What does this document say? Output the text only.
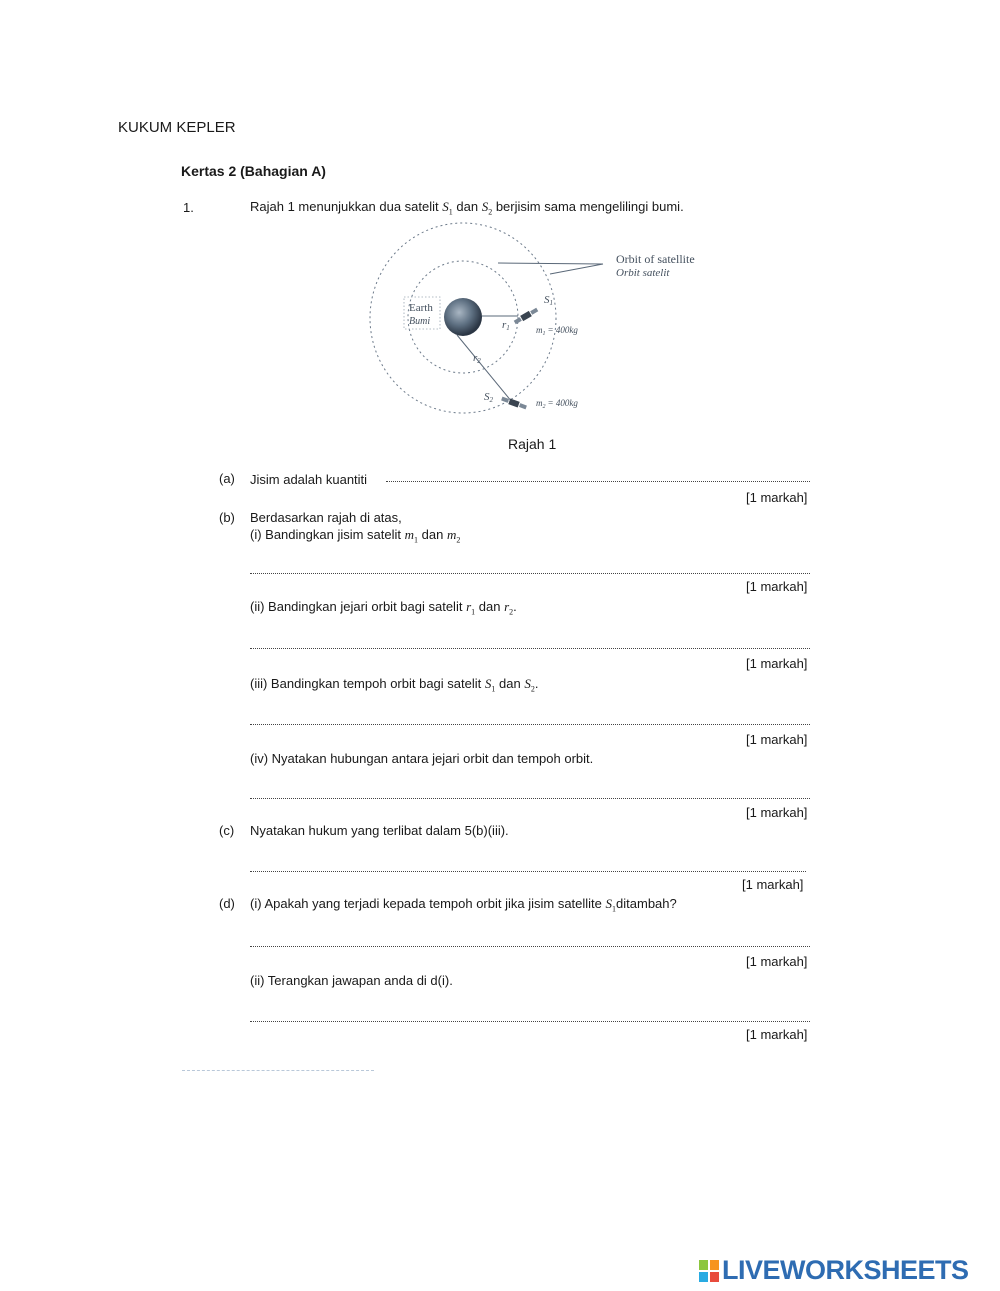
KUKUM KEPLER
Kertas 2 (Bahagian A)
1.	Rajah 1 menunjukkan dua satelit $S_1$ dan $S_2$ berjisim sama mengelilingi bumi.
Orbit of satellite
Orbit satelit
Earth
Bumi	r1
r2
S1
S2
$m_1 = 400kg$
$m_2 = 400kg$
Rajah 1
(a) Jisim adalah kuantiti
[1 markah]
(b) Berdasarkan rajah di atas,
(i) Bandingkan jisim satelit $m_1$ dan $m_2$
[1 markah]
(ii) Bandingkan jejari orbit bagi satelit $r_1$ dan $r_2$.
[1 markah]
(iii) Bandingkan tempoh orbit bagi satelit $S_1$ dan $S_2$.
[1 markah]
(iv) Nyatakan hubungan antara jejari orbit dan tempoh orbit.
[1 markah]
(c) Nyatakan hukum yang terlibat dalam 5(b)(iii).
[1 markah]
(d) (i) Apakah yang terjadi kepada tempoh orbit jika jisim satellite $S_1ditambah$?
[1 markah]
(ii) Terangkan jawapan anda di d(i).
[1 markah]
LIVEWORKSHEETS
